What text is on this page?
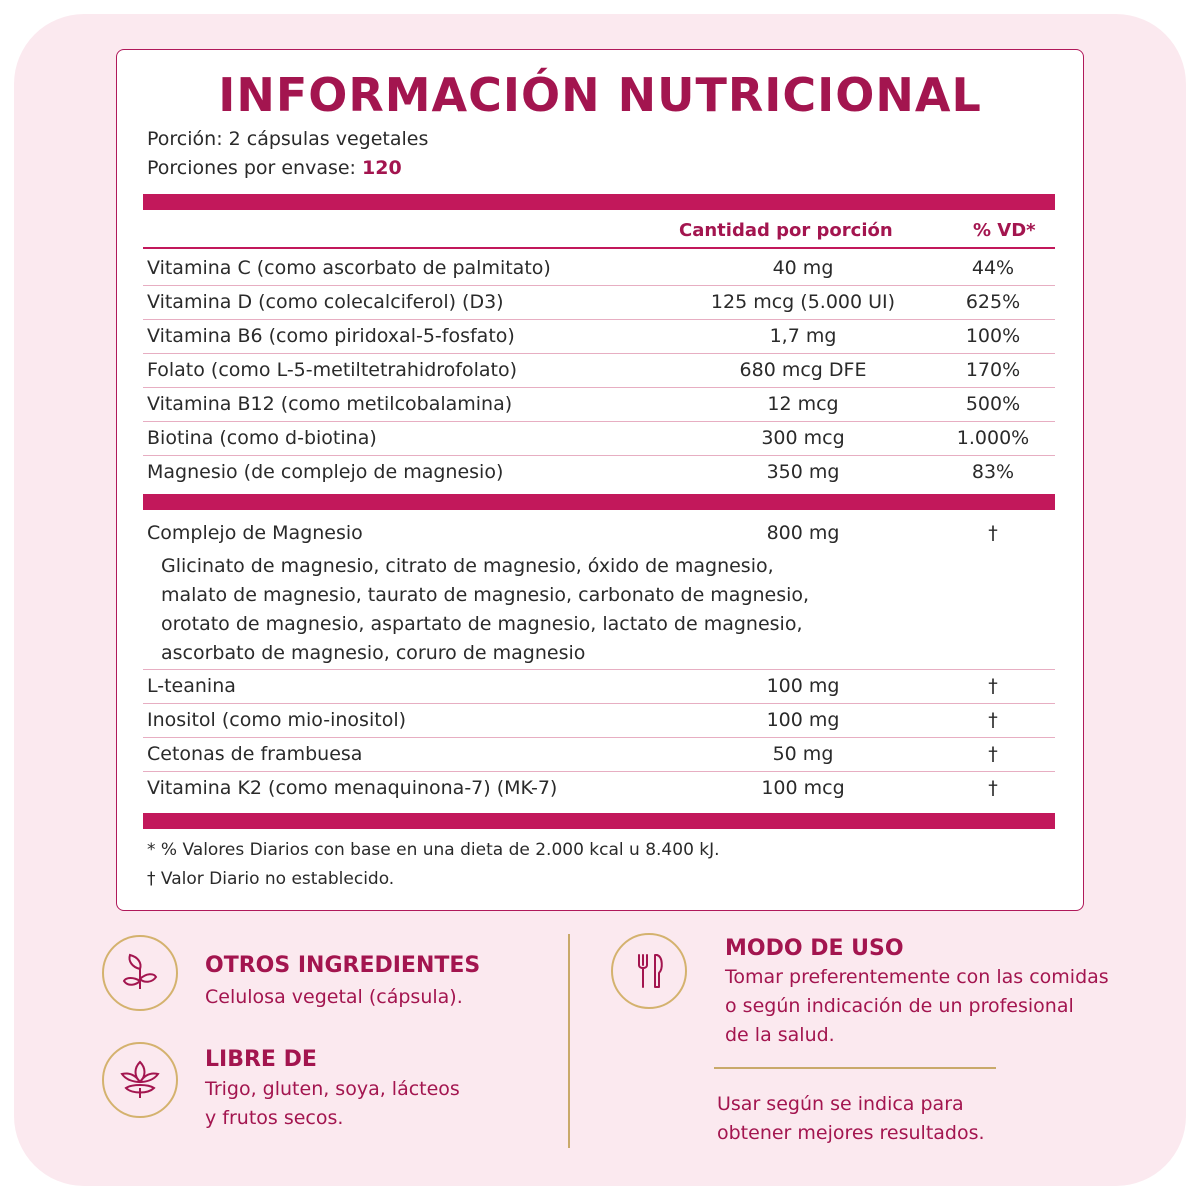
INFORMACIÓN NUTRICIONAL
Porción: 2 cápsulas vegetales
Porciones por envase: 120
Cantidad por porción	% VD*
Vitamina C (como ascorbato de palmitato)	40 mg	44%
Vitamina D (como colecalciferol) (D3)	125 mcg (5.000 UI)	625%
Vitamina B6 (como piridoxal-5-fosfato)	1,7 mg	100%
Folato (como L-5-metiltetrahidrofolato)	680 mcg DFE	170%
Vitamina B12 (como metilcobalamina)	12 mcg	500%
Biotina (como d-biotina)	300 mcg	1.000%
Magnesio (de complejo de magnesio)	350 mg	83%
Complejo de Magnesio	800 mg	†
Glicinato de magnesio, citrato de magnesio, óxido de magnesio,
malato de magnesio, taurato de magnesio, carbonato de magnesio,
orotato de magnesio, aspartato de magnesio, lactato de magnesio,
ascorbato de magnesio, coruro de magnesio
L-teanina	100 mg	†
Inositol (como mio-inositol)	100 mg	†
Cetonas de frambuesa	50 mg	†
Vitamina K2 (como menaquinona-7) (MK-7)	100 mcg	†
* % Valores Diarios con base en una dieta de 2.000 kcal u 8.400 kJ.
† Valor Diario no establecido.
OTROS INGREDIENTES
Celulosa vegetal (cápsula).
LIBRE DE
Trigo, gluten, soya, lácteos
y frutos secos.
MODO DE USO
Tomar preferentemente con las comidas
o según indicación de un profesional
de la salud.
Usar según se indica para
obtener mejores resultados.
